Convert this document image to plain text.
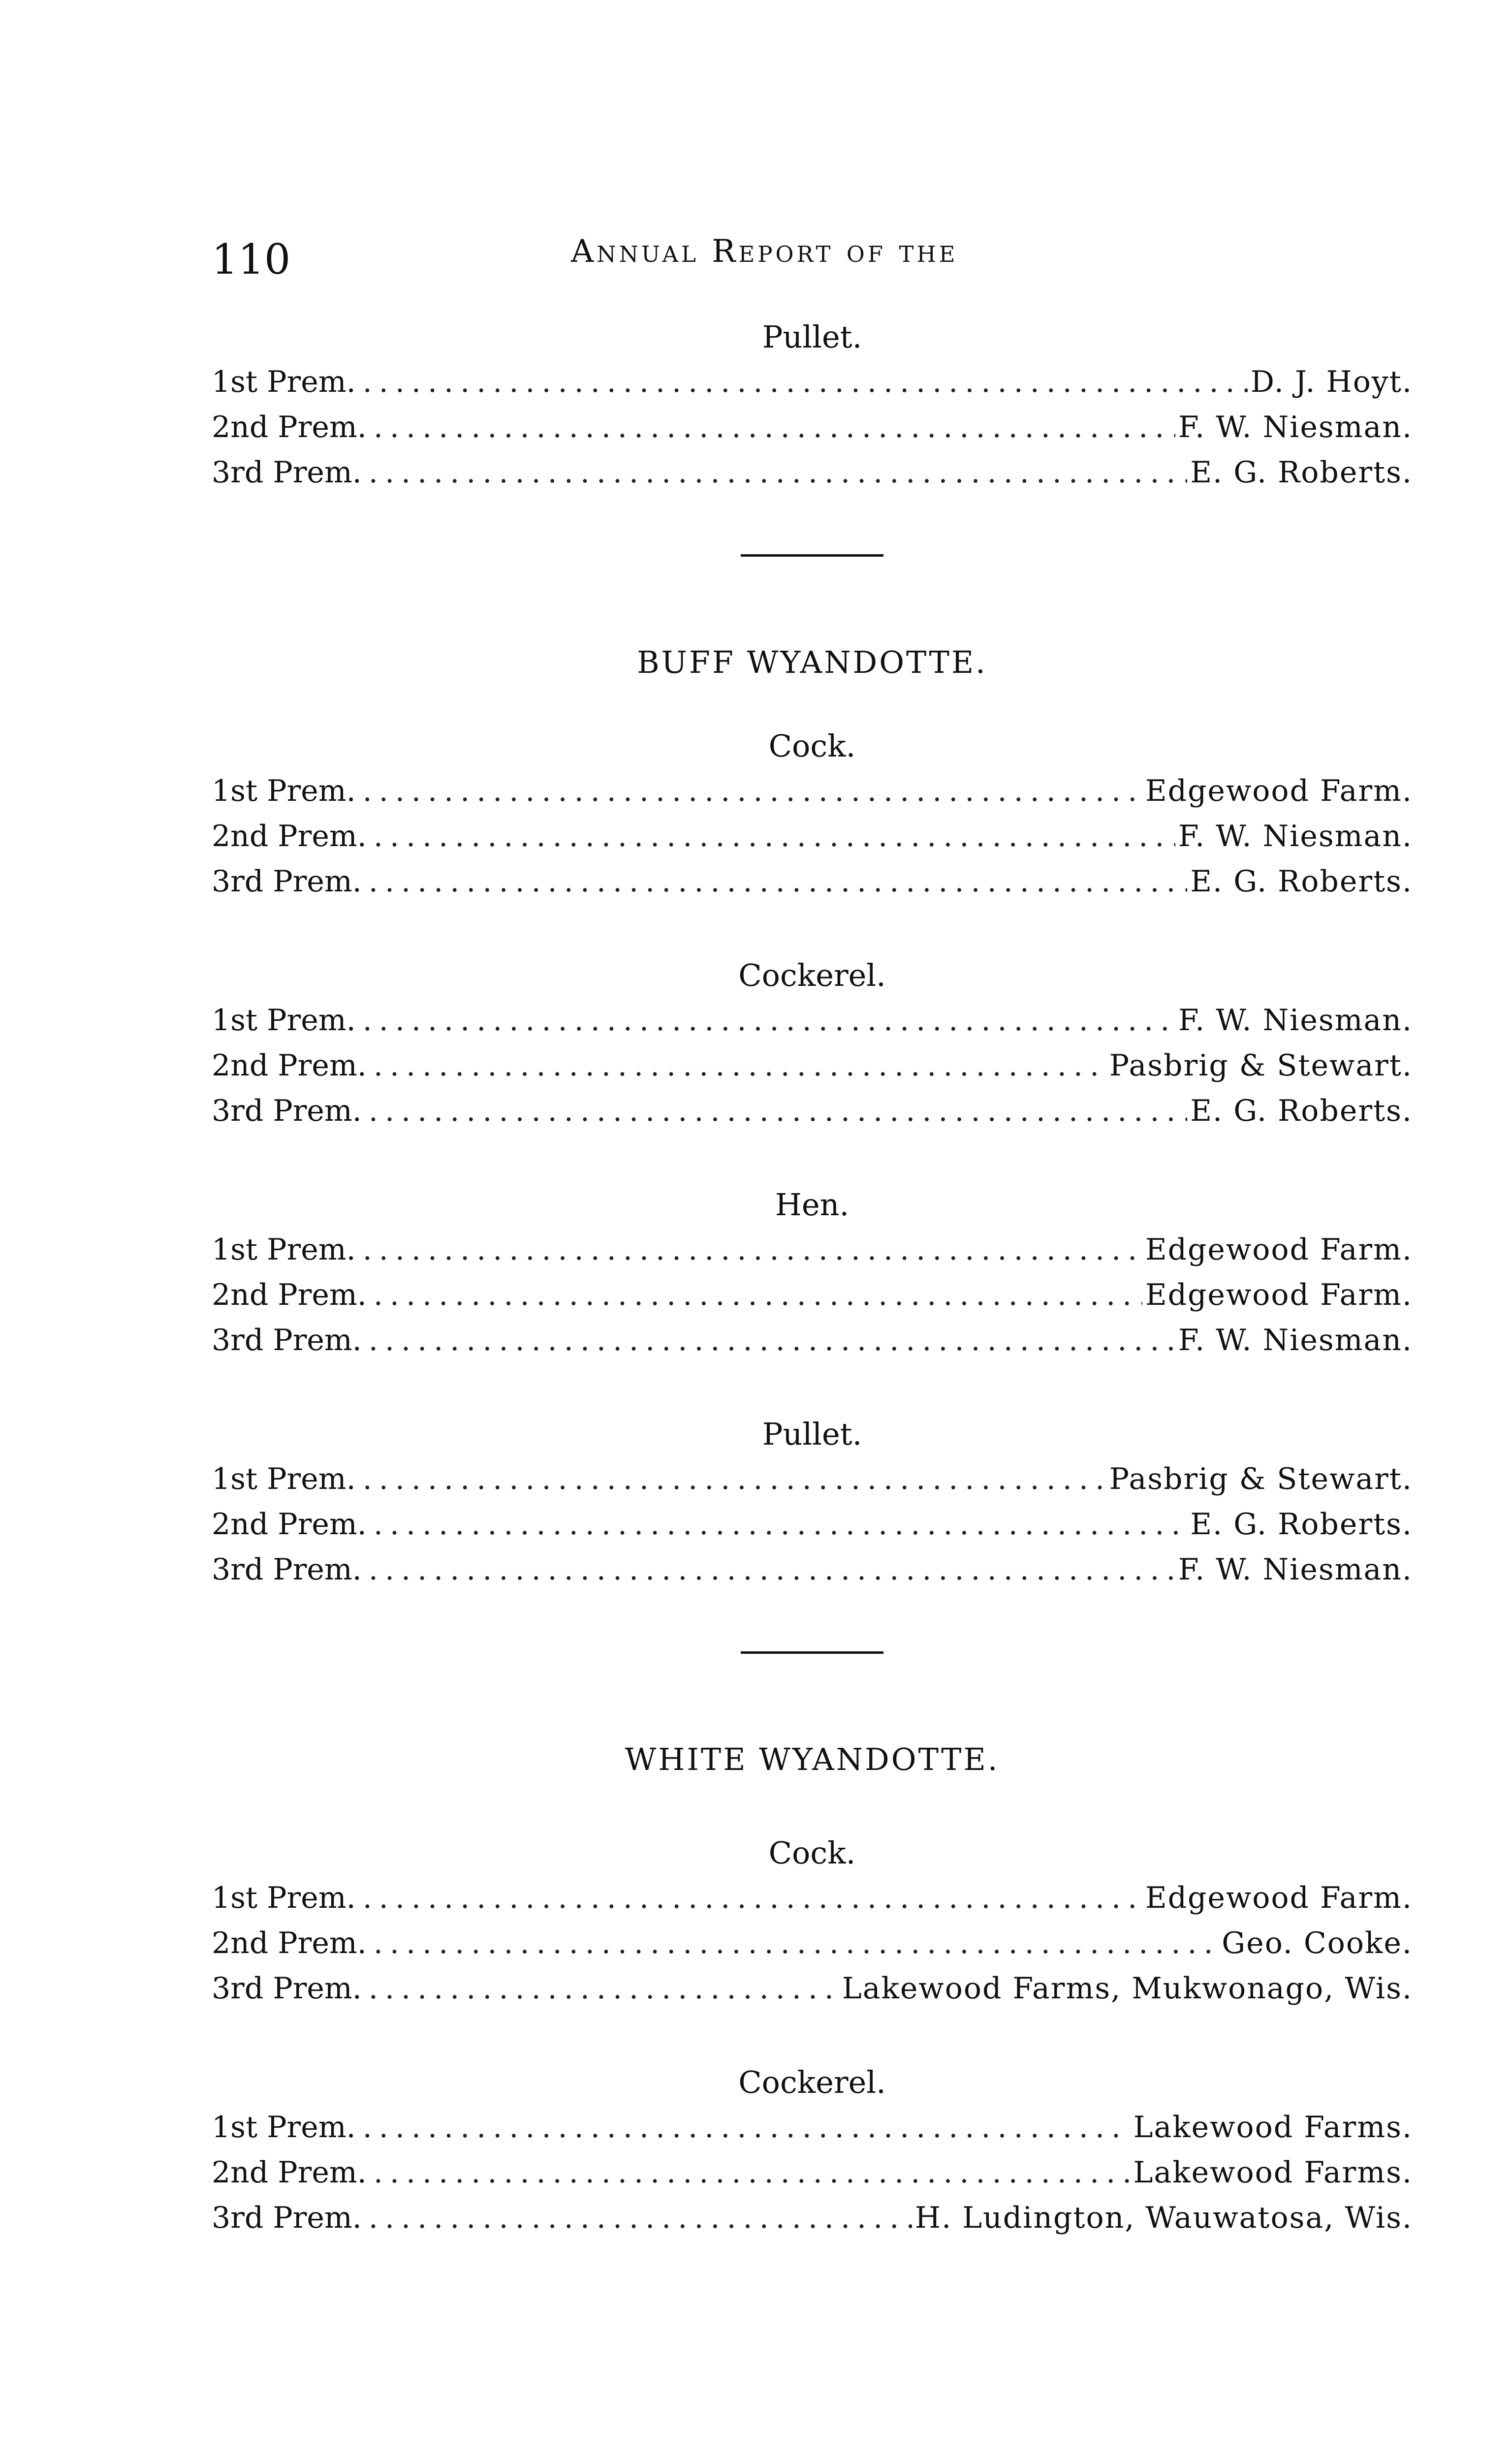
110	Annual Report of the
Pullet.
1st Prem. .....	D. J. Hoyt.
2nd Prem. .....	F. W. Niesman.
3rd Prem. .....	E. G. Roberts.
BUFF WYANDOTTE.
Cock.
1st Prem. .....	Edgewood Farm.
2nd Prem. .....	F. W. Niesman.
3rd Prem. .....	E. G. Roberts.
Cockerel.
1st Prem. .....	F. W. Niesman.
2nd Prem. .....	Pasbrig & Stewart.
3rd Prem. .....	E. G. Roberts.
Hen.
1st Prem. .....	Edgewood Farm.
2nd Prem. .....	Edgewood Farm.
3rd Prem. .....	F. W. Niesman.
Pullet.
1st Prem. .....	Pasbrig & Stewart.
2nd Prem. .....	E. G. Roberts.
3rd Prem. .....	F. W. Niesman.
WHITE WYANDOTTE.
Cock.
1st Prem. .....	Edgewood Farm.
2nd Prem. .....	Geo. Cooke.
3rd Prem. .....	Lakewood Farms, Mukwonago, Wis.
Cockerel.
1st Prem. .....	Lakewood Farms.
2nd Prem. .....	Lakewood Farms.
3rd Prem. .....	H. Ludington, Wauwatosa, Wis.
